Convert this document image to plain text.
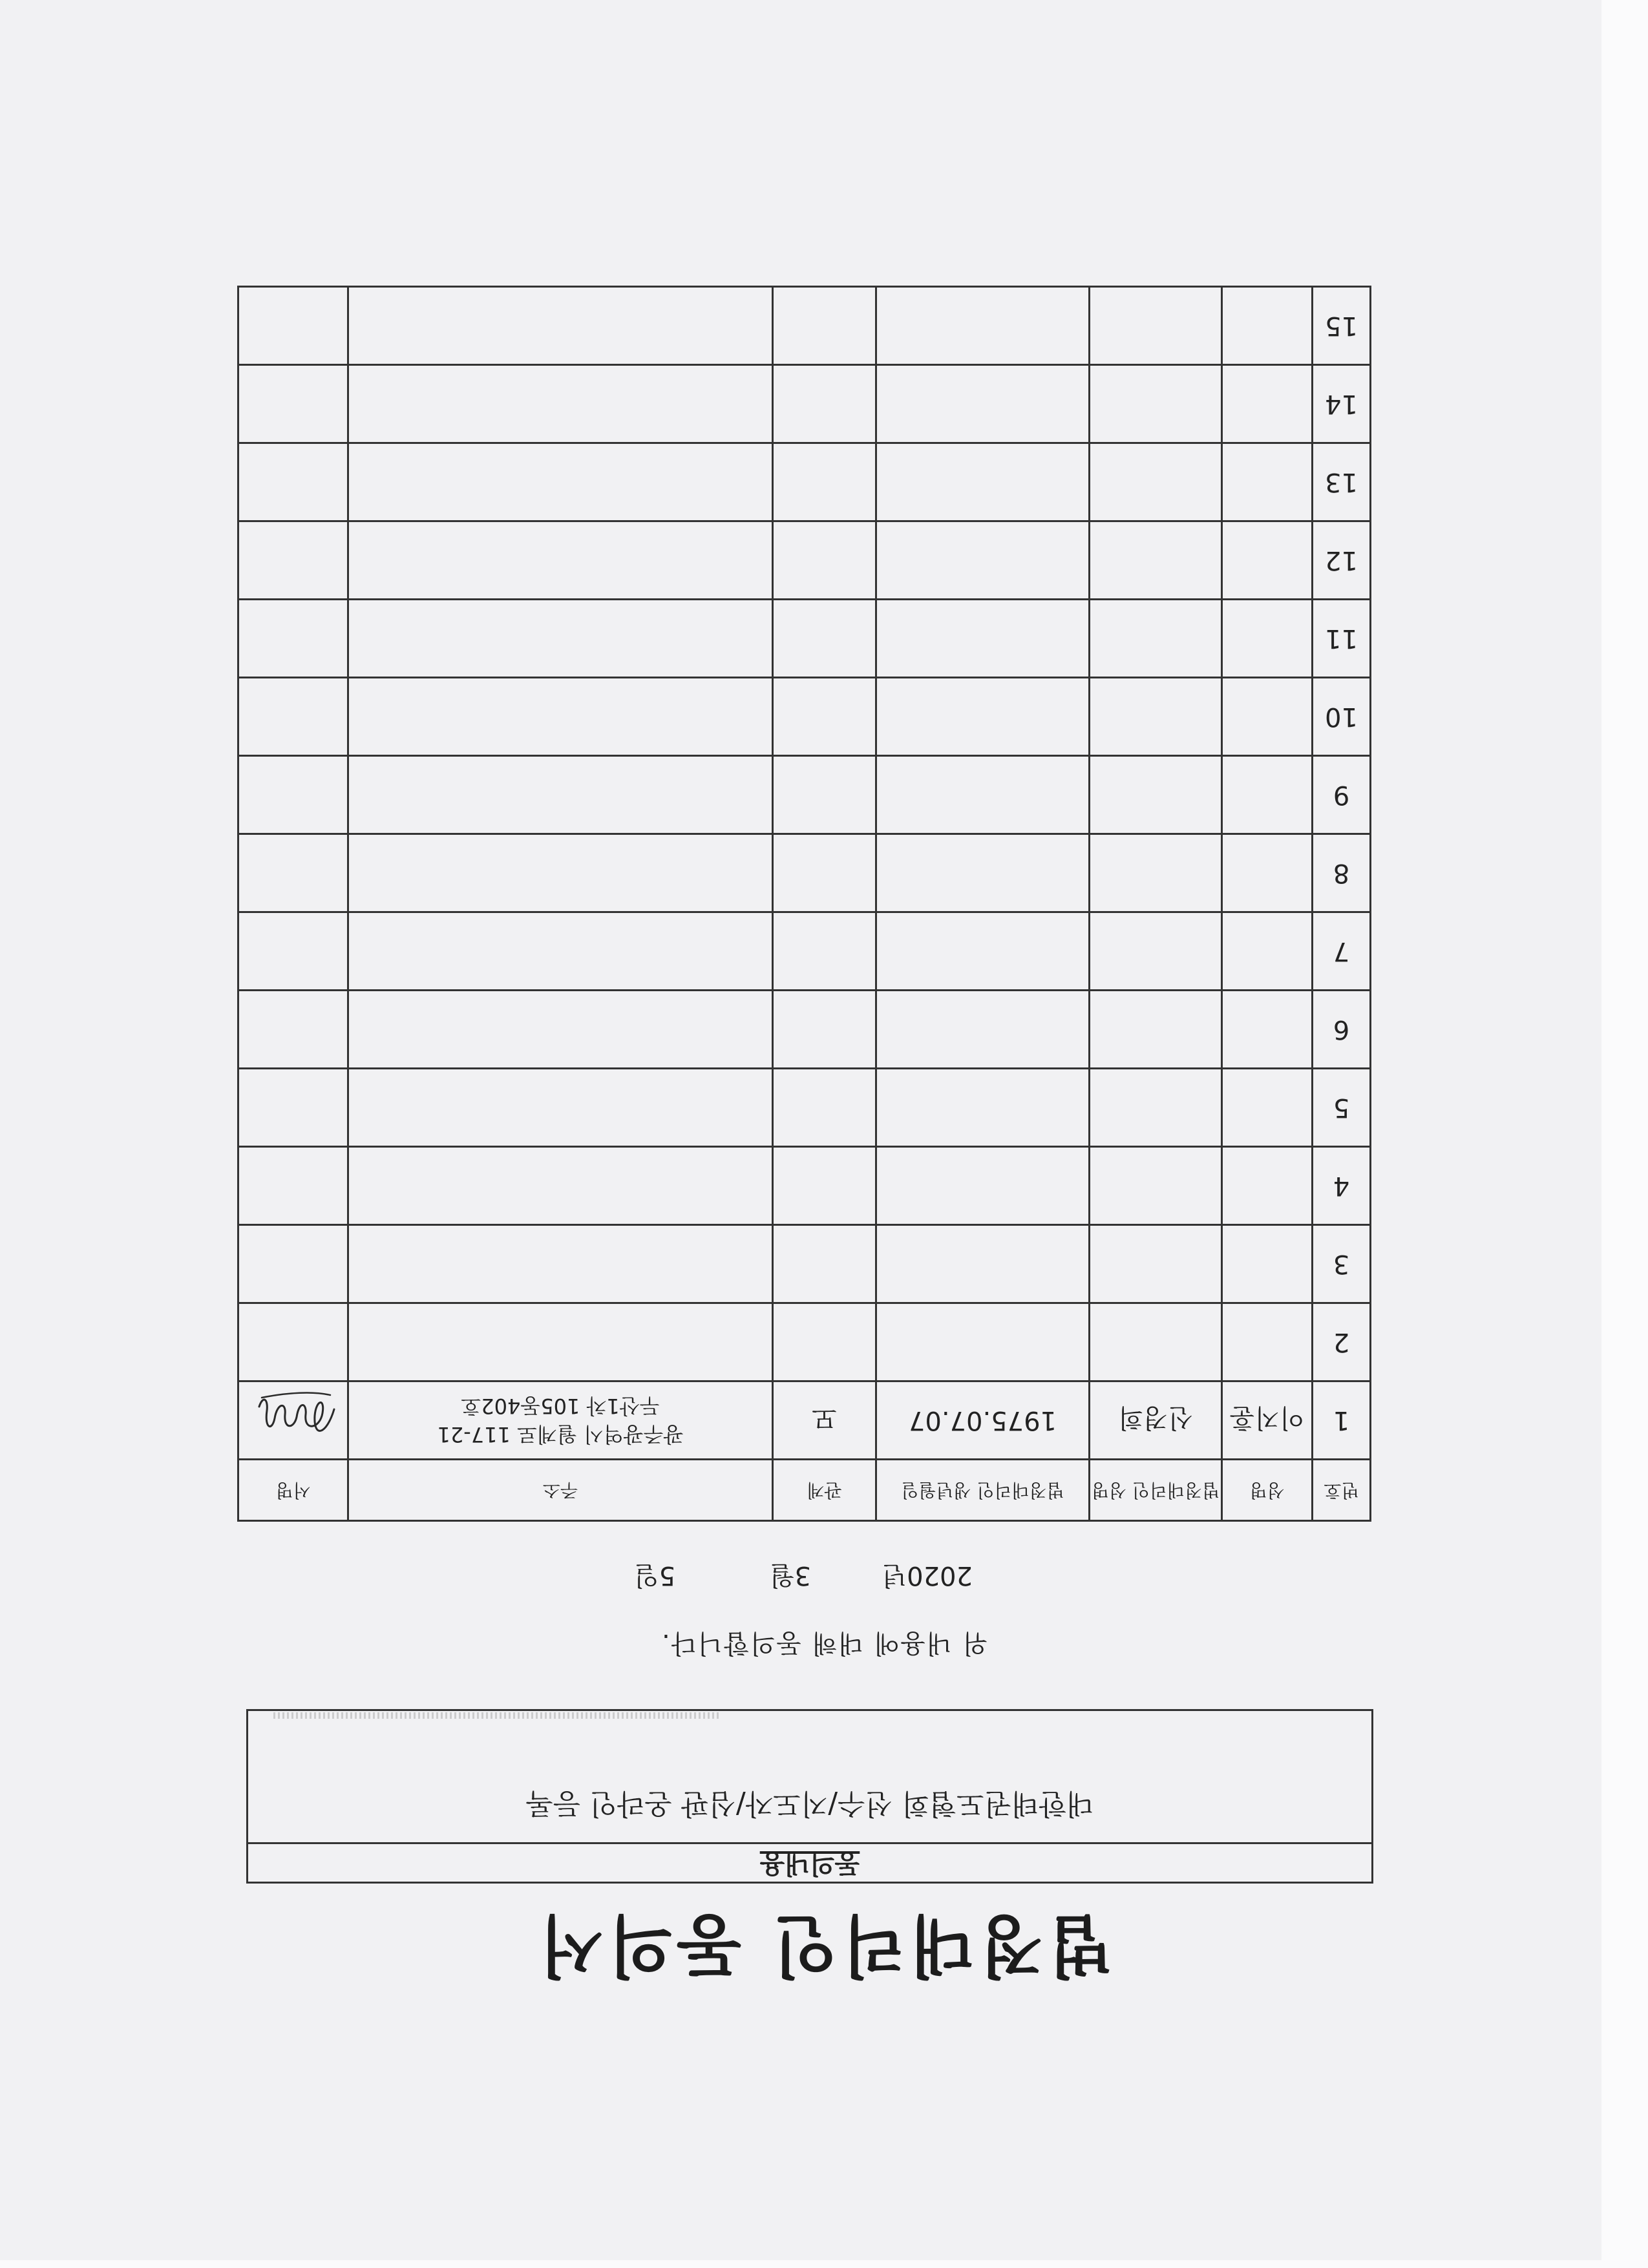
법정대리인 동의서
동의내용
대한태권도협회 선수/지도자/심판 온라인 등록
위 내용에 대해 동의합니다.
2020년
3월
5일
번호	성명	법정대리인 성명	법정대리인 생년월일	관계	주소	서명
1	이지훈	신경희	1975.07.07	모	광주광역시 월계로 117-21
두산1차 105동402호

2						
3						
4						
5						
6						
7						
8						
9						
10						
11						
12						
13						
14						
15						
